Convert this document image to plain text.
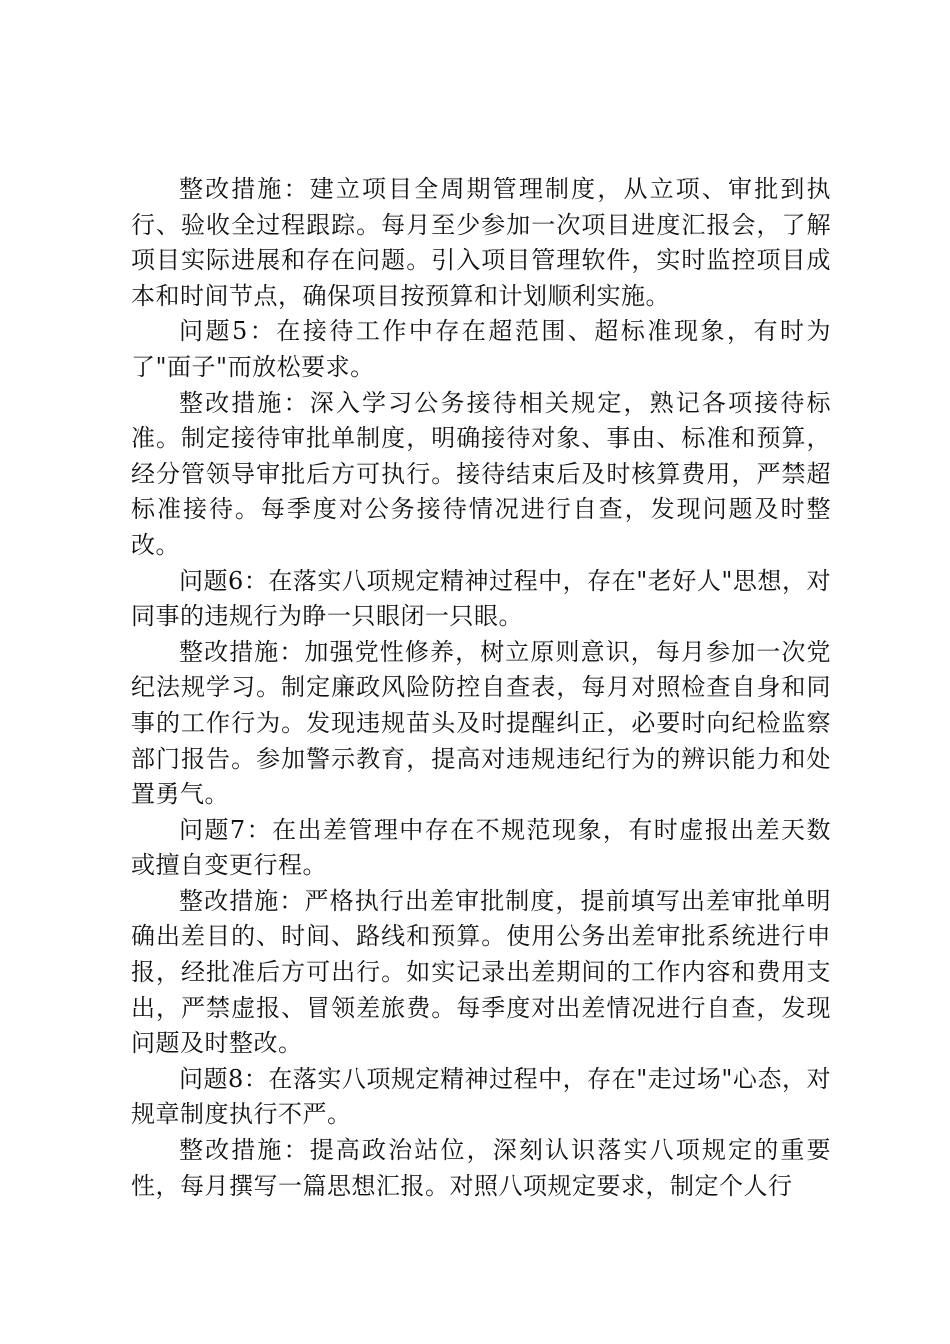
整改措施：建立项目全周期管理制度，从立项、审批到执行、验收全过程跟踪。每月至少参加一次项目进度汇报会，了解项目实际进展和存在问题。引入项目管理软件，实时监控项目成本和时间节点，确保项目按预算和计划顺利实施。

问题5：在接待工作中存在超范围、超标准现象，有时为了"面子"而放松要求。

整改措施：深入学习公务接待相关规定，熟记各项接待标准。制定接待审批单制度，明确接待对象、事由、标准和预算，经分管领导审批后方可执行。接待结束后及时核算费用，严禁超标准接待。每季度对公务接待情况进行自查，发现问题及时整改。

问题6：在落实八项规定精神过程中，存在"老好人"思想，对同事的违规行为睁一只眼闭一只眼。

整改措施：加强党性修养，树立原则意识，每月参加一次党纪法规学习。制定廉政风险防控自查表，每月对照检查自身和同事的工作行为。发现违规苗头及时提醒纠正，必要时向纪检监察部门报告。参加警示教育，提高对违规违纪行为的辨识能力和处置勇气。

问题7：在出差管理中存在不规范现象，有时虚报出差天数或擅自变更行程。

整改措施：严格执行出差审批制度，提前填写出差审批单明确出差目的、时间、路线和预算。使用公务出差审批系统进行申报，经批准后方可出行。如实记录出差期间的工作内容和费用支出，严禁虚报、冒领差旅费。每季度对出差情况进行自查，发现问题及时整改。

问题8：在落实八项规定精神过程中，存在"走过场"心态，对规章制度执行不严。

整改措施：提高政治站位，深刻认识落实八项规定的重要性，每月撰写一篇思想汇报。对照八项规定要求，制定个人行
